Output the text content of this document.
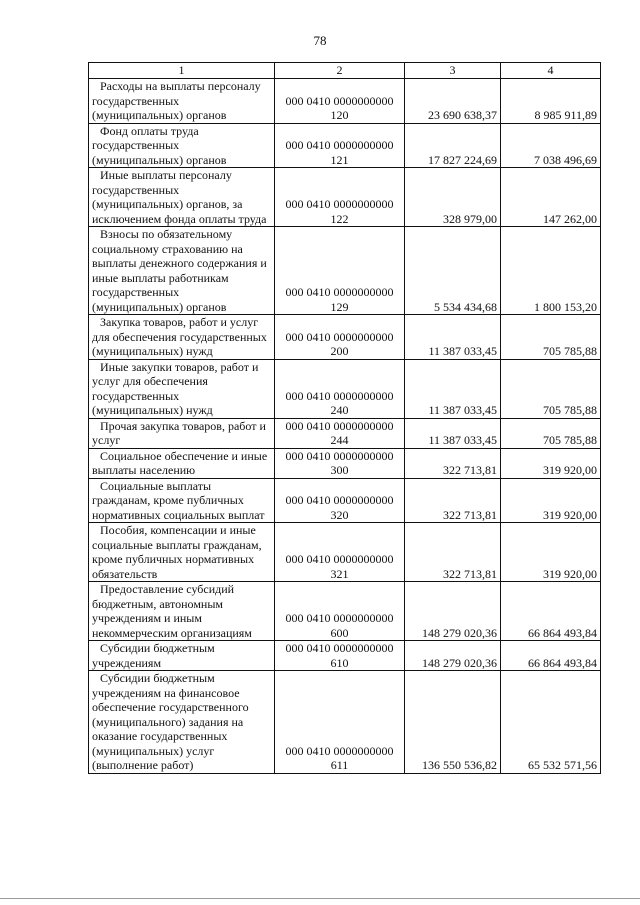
78
1	2	3	4

Расходы на выплаты персоналу государственных (муниципальных) органов	000 0410 0000000000 120	23 690 638,37	8 985 911,89

Фонд оплаты труда государственных (муниципальных) органов	000 0410 0000000000 121	17 827 224,69	7 038 496,69

Иные выплаты персоналу государственных (муниципальных) органов, за исключением фонда оплаты труда	000 0410 0000000000 122	328 979,00	147 262,00

Взносы по обязательному социальному страхованию на выплаты денежного содержания и иные выплаты работникам государственных (муниципальных) органов	000 0410 0000000000 129	5 534 434,68	1 800 153,20

Закупка товаров, работ и услуг для обеспечения государственных (муниципальных) нужд	000 0410 0000000000 200	11 387 033,45	705 785,88

Иные закупки товаров, работ и услуг для обеспечения государственных (муниципальных) нужд	000 0410 0000000000 240	11 387 033,45	705 785,88

Прочая закупка товаров, работ и услуг	000 0410 0000000000 244	11 387 033,45	705 785,88

Социальное обеспечение и иные выплаты населению	000 0410 0000000000 300	322 713,81	319 920,00

Социальные выплаты гражданам, кроме публичных нормативных социальных выплат	000 0410 0000000000 320	322 713,81	319 920,00

Пособия, компенсации и иные социальные выплаты гражданам, кроме публичных нормативных обязательств	000 0410 0000000000 321	322 713,81	319 920,00

Предоставление субсидий бюджетным, автономным учреждениям и иным некоммерческим организациям	000 0410 0000000000 600	148 279 020,36	66 864 493,84

Субсидии бюджетным учреждениям	000 0410 0000000000 610	148 279 020,36	66 864 493,84

Субсидии бюджетным учреждениям на финансовое обеспечение государственного (муниципального) задания на оказание государственных (муниципальных) услуг (выполнение работ)	000 0410 0000000000 611	136 550 536,82	65 532 571,56
